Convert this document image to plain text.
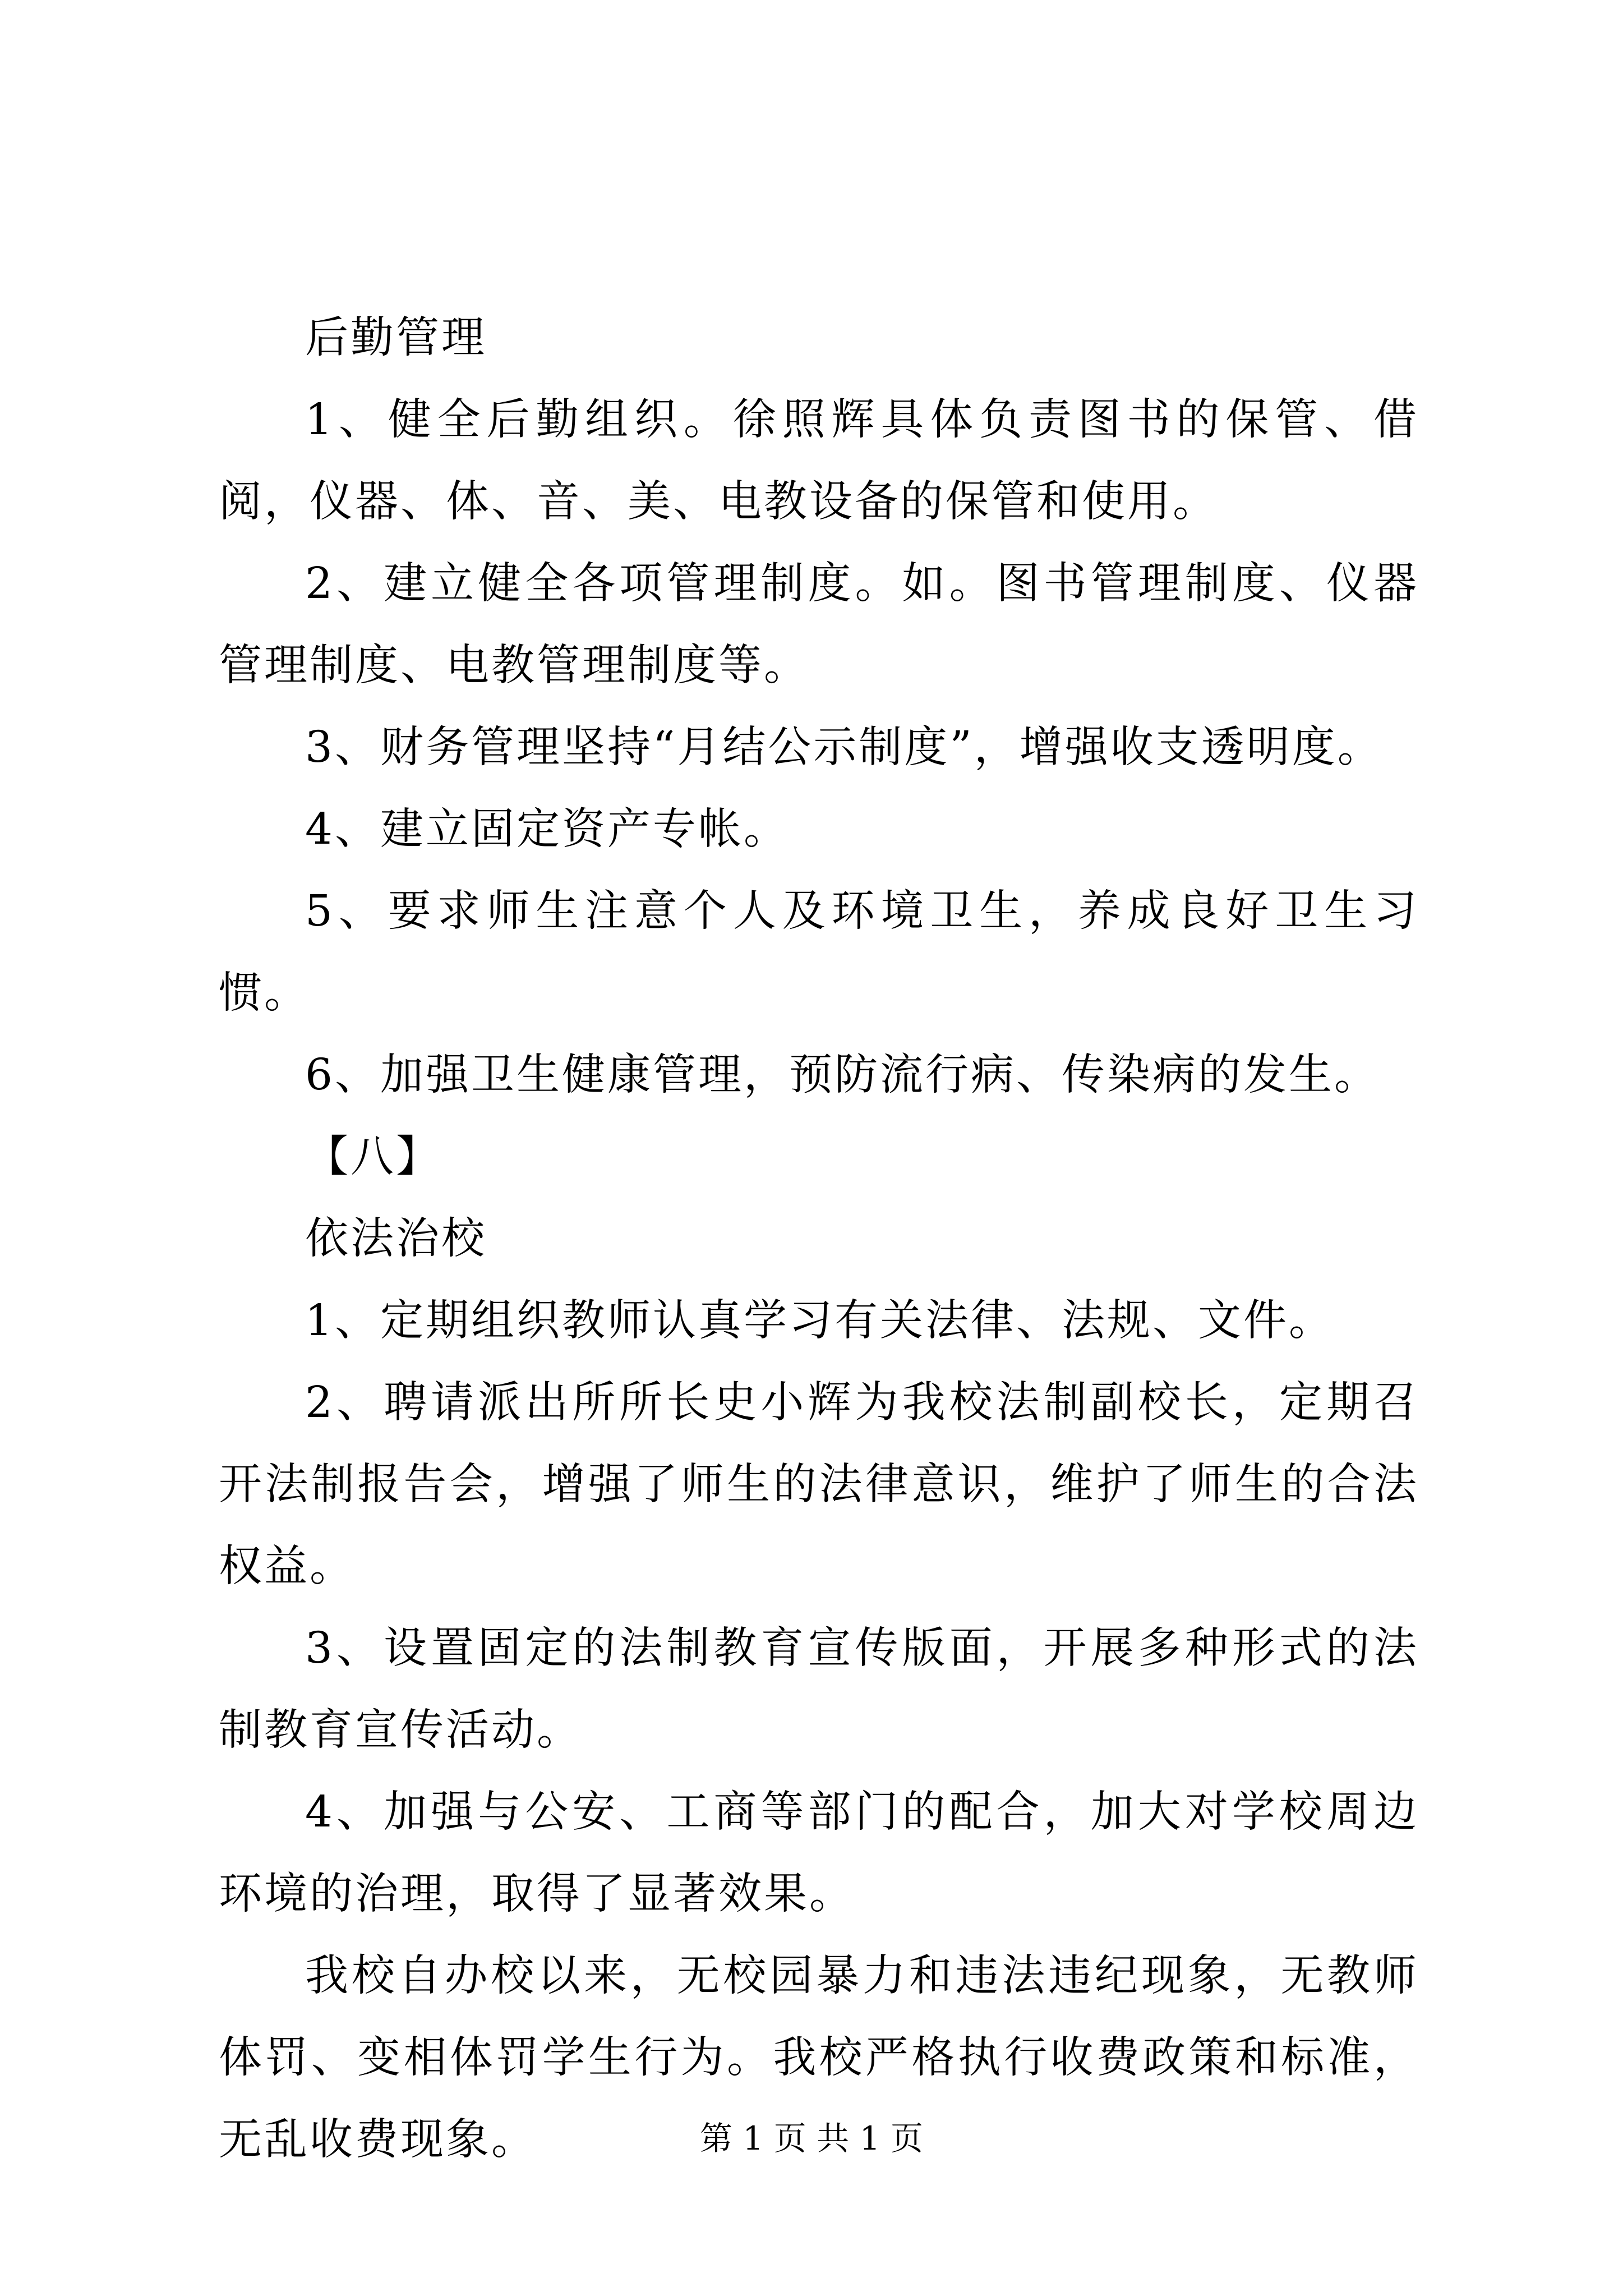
后勤管理

1、健全后勤组织。徐照辉具体负责图书的保管、借阅，仪器、体、音、美、电教设备的保管和使用。

2、建立健全各项管理制度。如。图书管理制度、仪器管理制度、电教管理制度等。

3、财务管理坚持“月结公示制度”，增强收支透明度。

4、建立固定资产专帐。

5、要求师生注意个人及环境卫生，养成良好卫生习惯。

6、加强卫生健康管理，预防流行病、传染病的发生。

【八】

依法治校

1、定期组织教师认真学习有关法律、法规、文件。

2、聘请派出所所长史小辉为我校法制副校长，定期召开法制报告会，增强了师生的法律意识，维护了师生的合法权益。

3、设置固定的法制教育宣传版面，开展多种形式的法制教育宣传活动。

4、加强与公安、工商等部门的配合，加大对学校周边环境的治理，取得了显著效果。

我校自办校以来，无校园暴力和违法违纪现象，无教师体罚、变相体罚学生行为。我校严格执行收费政策和标准，无乱收费现象。	第 1 页 共 1 页
